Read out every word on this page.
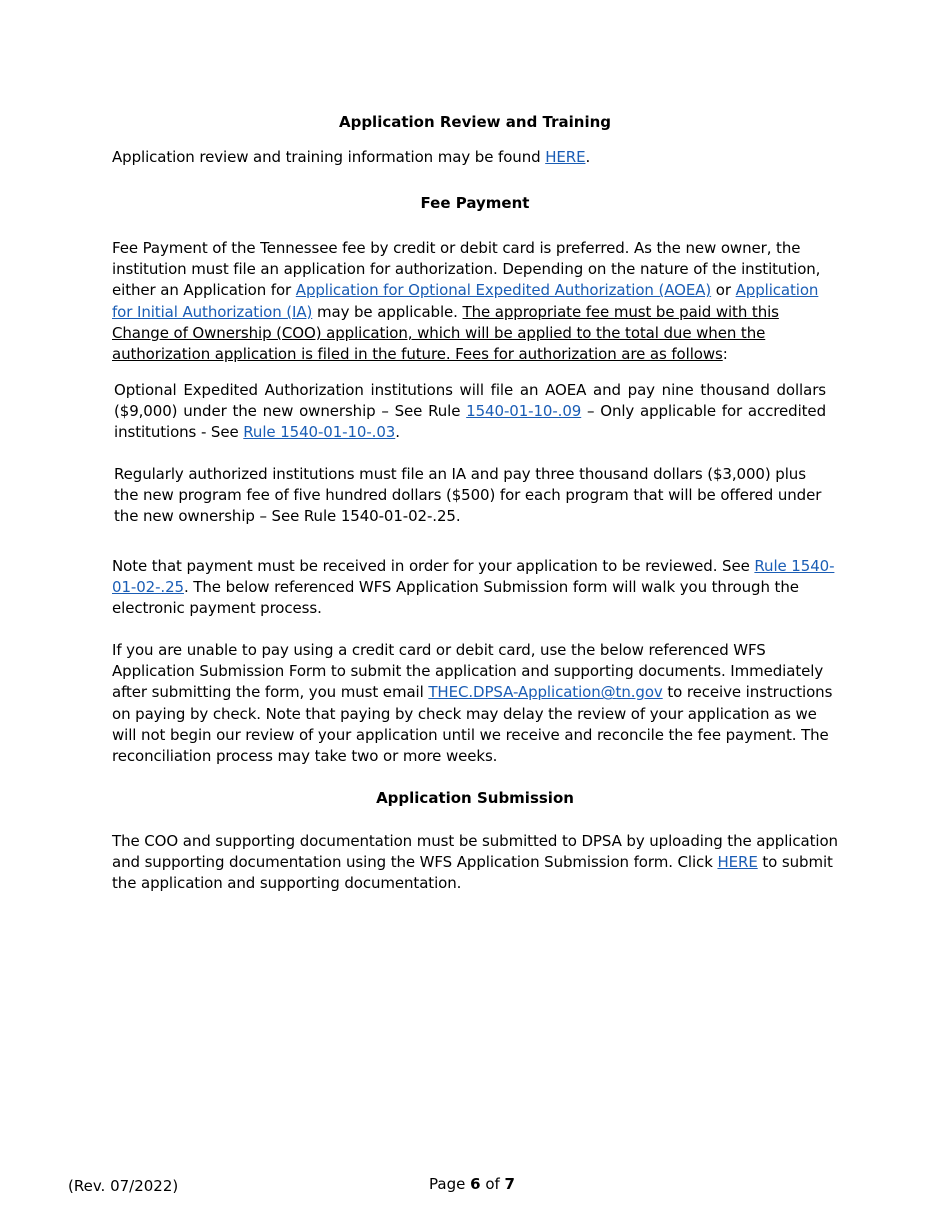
Application Review and Training
Application review and training information may be found HERE.
Fee Payment
Fee Payment of the Tennessee fee by credit or debit card is preferred. As the new owner, the institution must file an application for authorization. Depending on the nature of the institution, either an Application for Application for Optional Expedited Authorization (AOEA) or Application for Initial Authorization (IA) may be applicable. The appropriate fee must be paid with this Change of Ownership (COO) application, which will be applied to the total due when the authorization application is filed in the future. Fees for authorization are as follows:
Optional Expedited Authorization institutions will file an AOEA and pay nine thousand dollars ($9,000) under the new ownership – See Rule 1540-01-10-.09 – Only applicable for accredited institutions - See Rule 1540-01-10-.03.
Regularly authorized institutions must file an IA and pay three thousand dollars ($3,000) plus the new program fee of five hundred dollars ($500) for each program that will be offered under the new ownership – See Rule 1540-01-02-.25.
Note that payment must be received in order for your application to be reviewed. See Rule 1540-01-02-.25. The below referenced WFS Application Submission form will walk you through the electronic payment process.
If you are unable to pay using a credit card or debit card, use the below referenced WFS Application Submission Form to submit the application and supporting documents. Immediately after submitting the form, you must email THEC.DPSA-Application@tn.gov to receive instructions on paying by check. Note that paying by check may delay the review of your application as we will not begin our review of your application until we receive and reconcile the fee payment. The reconciliation process may take two or more weeks.
Application Submission
The COO and supporting documentation must be submitted to DPSA by uploading the application and supporting documentation using the WFS Application Submission form. Click HERE to submit the application and supporting documentation.
(Rev. 07/2022)	Page 6 of 7
